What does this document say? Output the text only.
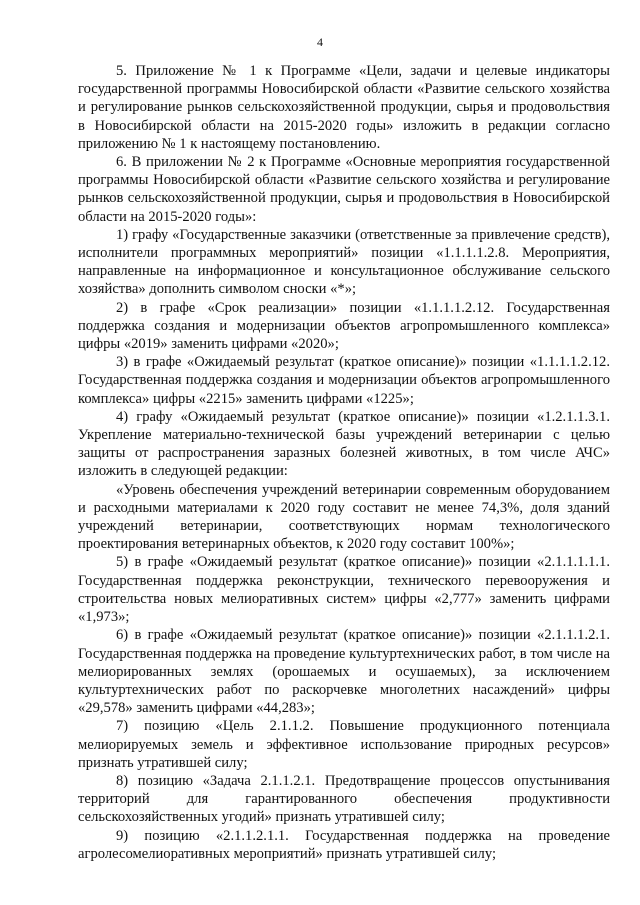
4

5. Приложение № 1 к Программе «Цели, задачи и целевые индикаторы государственной программы Новосибирской области «Развитие сельского хозяйства и регулирование рынков сельскохозяйственной продукции, сырья и продовольствия в Новосибирской области на 2015-2020 годы» изложить в редакции согласно приложению № 1 к настоящему постановлению.

6. В приложении № 2 к Программе «Основные мероприятия государственной программы Новосибирской области «Развитие сельского хозяйства и регулирование рынков сельскохозяйственной продукции, сырья и продовольствия в Новосибирской области на 2015-2020 годы»:

1) графу «Государственные заказчики (ответственные за привлечение средств), исполнители программных мероприятий» позиции «1.1.1.1.2.8. Мероприятия, направленные на информационное и консультационное обслуживание сельского хозяйства» дополнить символом сноски «*»;

2) в графе «Срок реализации» позиции «1.1.1.1.2.12. Государственная поддержка создания и модернизации объектов агропромышленного комплекса» цифры «2019» заменить цифрами «2020»;

3) в графе «Ожидаемый результат (краткое описание)» позиции «1.1.1.1.2.12. Государственная поддержка создания и модернизации объектов агропромышленного комплекса» цифры «2215» заменить цифрами «1225»;

4) графу «Ожидаемый результат (краткое описание)» позиции «1.2.1.1.3.1. Укрепление материально-технической базы учреждений ветеринарии с целью защиты от распространения заразных болезней животных, в том числе АЧС» изложить в следующей редакции:

«Уровень обеспечения учреждений ветеринарии современным оборудованием и расходными материалами к 2020 году составит не менее 74,3%, доля зданий учреждений ветеринарии, соответствующих нормам технологического проектирования ветеринарных объектов, к 2020 году составит 100%»;

5) в графе «Ожидаемый результат (краткое описание)» позиции «2.1.1.1.1.1. Государственная поддержка реконструкции, технического перевооружения и строительства новых мелиоративных систем» цифры «2,777» заменить цифрами «1,973»;

6) в графе «Ожидаемый результат (краткое описание)» позиции «2.1.1.1.2.1. Государственная поддержка на проведение культуртехнических работ, в том числе на мелиорированных землях (орошаемых и осушаемых), за исключением культуртехнических работ по раскорчевке многолетних насаждений» цифры «29,578» заменить цифрами «44,283»;

7) позицию «Цель 2.1.1.2. Повышение продукционного потенциала мелиорируемых земель и эффективное использование природных ресурсов» признать утратившей силу;

8) позицию «Задача 2.1.1.2.1. Предотвращение процессов опустынивания территорий для гарантированного обеспечения продуктивности сельскохозяйственных угодий» признать утратившей силу;

9) позицию «2.1.1.2.1.1. Государственная поддержка на проведение агролесомелиоративных мероприятий» признать утратившей силу;
